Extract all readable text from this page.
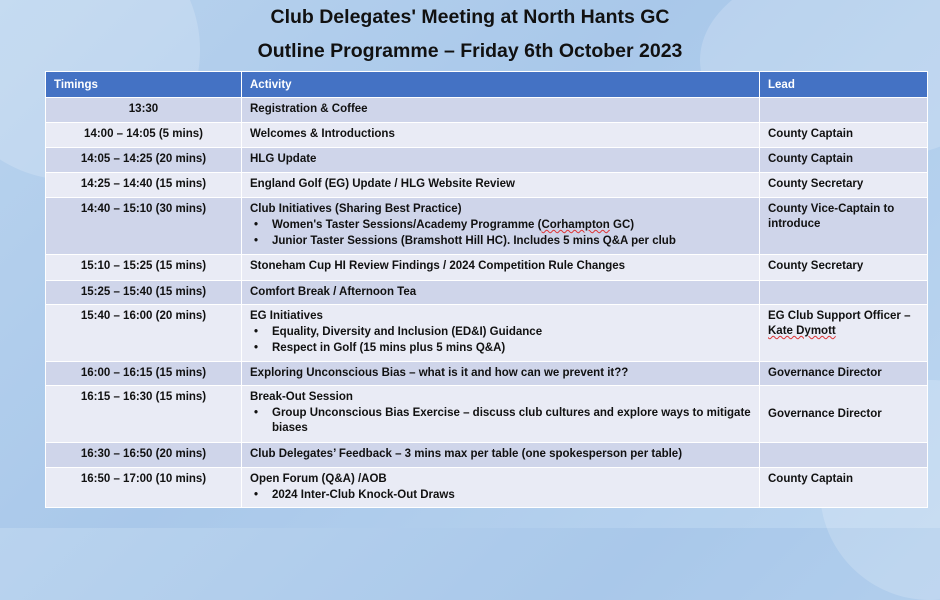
Club Delegates' Meeting at North Hants GC
Outline Programme – Friday 6th October 2023
Timings	Activity	Lead
13:30	Registration & Coffee	
14:00 – 14:05 (5 mins)	Welcomes & Introductions	County Captain
14:05 – 14:25 (20 mins)	HLG Update	County Captain
14:25 – 14:40 (15 mins)	England Golf (EG) Update / HLG Website Review	County Secretary
14:40 – 15:10 (30 mins)	Club Initiatives (Sharing Best Practice)
• Women's Taster Sessions/Academy Programme (Corhampton GC)
• Junior Taster Sessions (Bramshott Hill HC). Includes 5 mins Q&A per club	County Vice-Captain to introduce
15:10 – 15:25 (15 mins)	Stoneham Cup HI Review Findings / 2024 Competition Rule Changes	County Secretary
15:25 – 15:40 (15 mins)	Comfort Break / Afternoon Tea	
15:40 – 16:00 (20 mins)	EG Initiatives
• Equality, Diversity and Inclusion (ED&I) Guidance
• Respect in Golf (15 mins plus 5 mins Q&A)	EG Club Support Officer – Kate Dymott
16:00 – 16:15 (15 mins)	Exploring Unconscious Bias – what is it and how can we prevent it??	Governance Director
16:15 – 16:30 (15 mins)	Break-Out Session
• Group Unconscious Bias Exercise – discuss club cultures and explore ways to mitigate biases	Governance Director
16:30 – 16:50 (20 mins)	Club Delegates’ Feedback – 3 mins max per table (one spokesperson per table)	
16:50 – 17:00 (10 mins)	Open Forum (Q&A) /AOB
• 2024 Inter-Club Knock-Out Draws	County Captain
